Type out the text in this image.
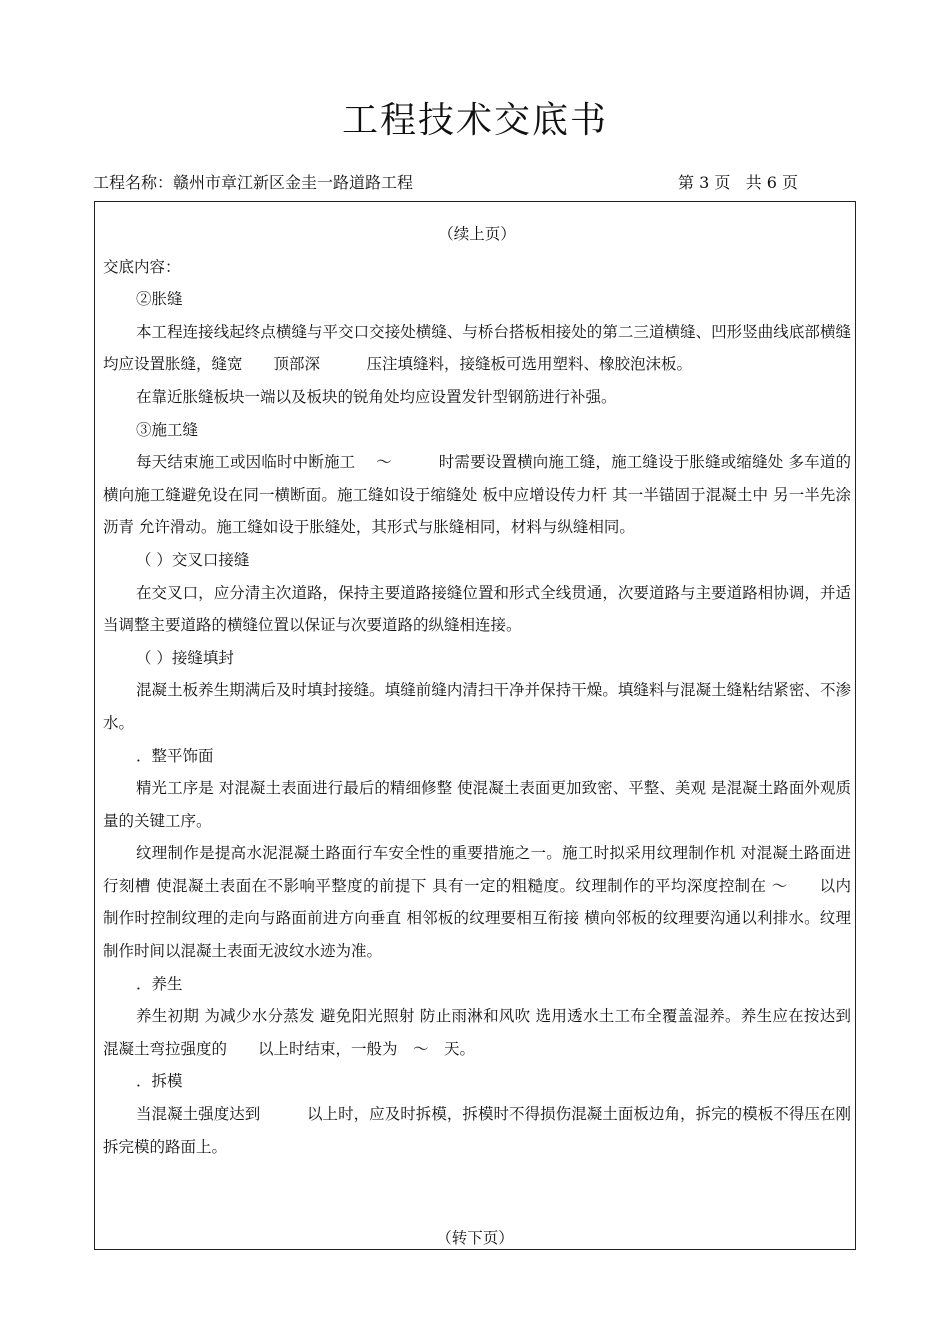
工程技术交底书
工程名称：赣州市章江新区金圭一路道路工程	第 3 页   共 6 页

（续上页）

交底内容：

②胀缝

本工程连接线起终点横缝与平交口交接处横缝、与桥台搭板相接处的第二三道横缝、凹形竖曲线底部横缝均应设置胀缝，缝宽　　顶部深　　　压注填缝料，接缝板可选用塑料、橡胶泡沫板。

在靠近胀缝板块一端以及板块的锐角处均应设置发针型钢筋进行补强。

③施工缝

每天结束施工或因临时中断施工　 ～　　　时需要设置横向施工缝，施工缝设于胀缝或缩缝处 多车道的横向施工缝避免设在同一横断面。施工缝如设于缩缝处 板中应增设传力杆 其一半锚固于混凝土中 另一半先涂沥青 允许滑动。施工缝如设于胀缝处，其形式与胀缝相同，材料与纵缝相同。

（ ）交叉口接缝

在交叉口，应分清主次道路，保持主要道路接缝位置和形式全线贯通，次要道路与主要道路相协调，并适当调整主要道路的横缝位置以保证与次要道路的纵缝相连接。

（ ）接缝填封

混凝土板养生期满后及时填封接缝。填缝前缝内清扫干净并保持干燥。填缝料与混凝土缝粘结紧密、不渗水。

．整平饰面

精光工序是 对混凝土表面进行最后的精细修整 使混凝土表面更加致密、平整、美观 是混凝土路面外观质量的关键工序。

纹理制作是提高水泥混凝土路面行车安全性的重要措施之一。施工时拟采用纹理制作机 对混凝土路面进行刻槽 使混凝土表面在不影响平整度的前提下 具有一定的粗糙度。纹理制作的平均深度控制在 ～　　以内 制作时控制纹理的走向与路面前进方向垂直 相邻板的纹理要相互衔接 横向邻板的纹理要沟通以利排水。纹理制作时间以混凝土表面无波纹水迹为准。

．养生

养生初期 为减少水分蒸发 避免阳光照射 防止雨淋和风吹 选用透水土工布全覆盖湿养。养生应在按达到混凝土弯拉强度的　　以上时结束，一般为　～　天。

．拆模

当混凝土强度达到　　　以上时，应及时拆模，拆模时不得损伤混凝土面板边角，拆完的模板不得压在刚拆完模的路面上。

（转下页）
